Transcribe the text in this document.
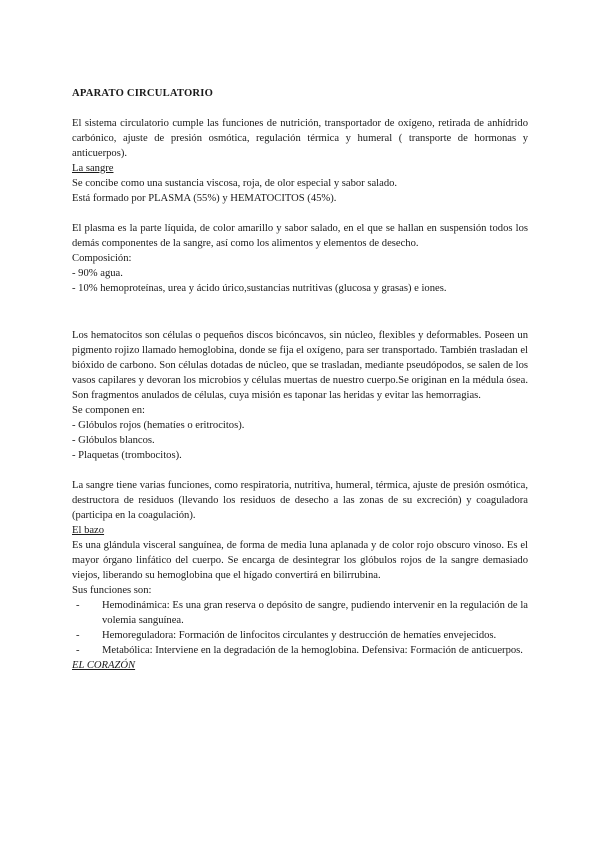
APARATO CIRCULATORIO

El sistema circulatorio cumple las funciones de nutrición, transportador de oxígeno, retirada de anhídrido carbónico, ajuste de presión osmótica, regulación térmica y humeral ( transporte de hormonas y anticuerpos).

La sangre

Se concibe como una sustancia viscosa, roja, de olor especial y sabor salado.

Está formado por PLASMA (55%) y HEMATOCITOS (45%).

El plasma es la parte líquida, de color amarillo y sabor salado, en el que se hallan en suspensión todos los demás componentes de la sangre, así como los alimentos y elementos de desecho.

Composición:

- 90% agua.

- 10% hemoproteínas, urea y ácido úrico,sustancias nutritivas (glucosa y grasas) e iones.

Los hematocitos son células o pequeños discos bicóncavos, sin núcleo, flexibles y deformables. Poseen un pigmento rojizo llamado hemoglobina, donde se fija el oxígeno, para ser transportado. También trasladan el bióxido de carbono. Son células dotadas de núcleo, que se trasladan, mediante pseudópodos, se salen de los vasos capilares y devoran los microbios y células muertas de nuestro cuerpo.Se originan en la médula ósea. Son fragmentos anulados de células, cuya misión es taponar las heridas y evitar las hemorragias.

Se componen en:

- Glóbulos rojos (hematíes o eritrocitos).

- Glóbulos blancos.

- Plaquetas (trombocitos).

La sangre tiene varias funciones, como respiratoria, nutritiva, humeral, térmica, ajuste de presión osmótica, destructora de residuos (llevando los residuos de desecho a las zonas de su excreción) y coaguladora (participa en la coagulación).

El bazo

Es una glándula visceral sanguínea, de forma de media luna aplanada y de color rojo obscuro vinoso. Es el mayor órgano linfático del cuerpo. Se encarga de desintegrar los glóbulos rojos de la sangre demasiado viejos, liberando su hemoglobina que el hígado convertirá en bilirrubina.

Sus funciones son:

- Hemodinámica: Es una gran reserva o depósito de sangre, pudiendo intervenir en la regulación de la volemia sanguínea.
- Hemoreguladora: Formación de linfocitos circulantes y destrucción de hematíes envejecidos.
- Metabólica: Interviene en la degradación de la hemoglobina. Defensiva: Formación de anticuerpos.

EL CORAZÓN
